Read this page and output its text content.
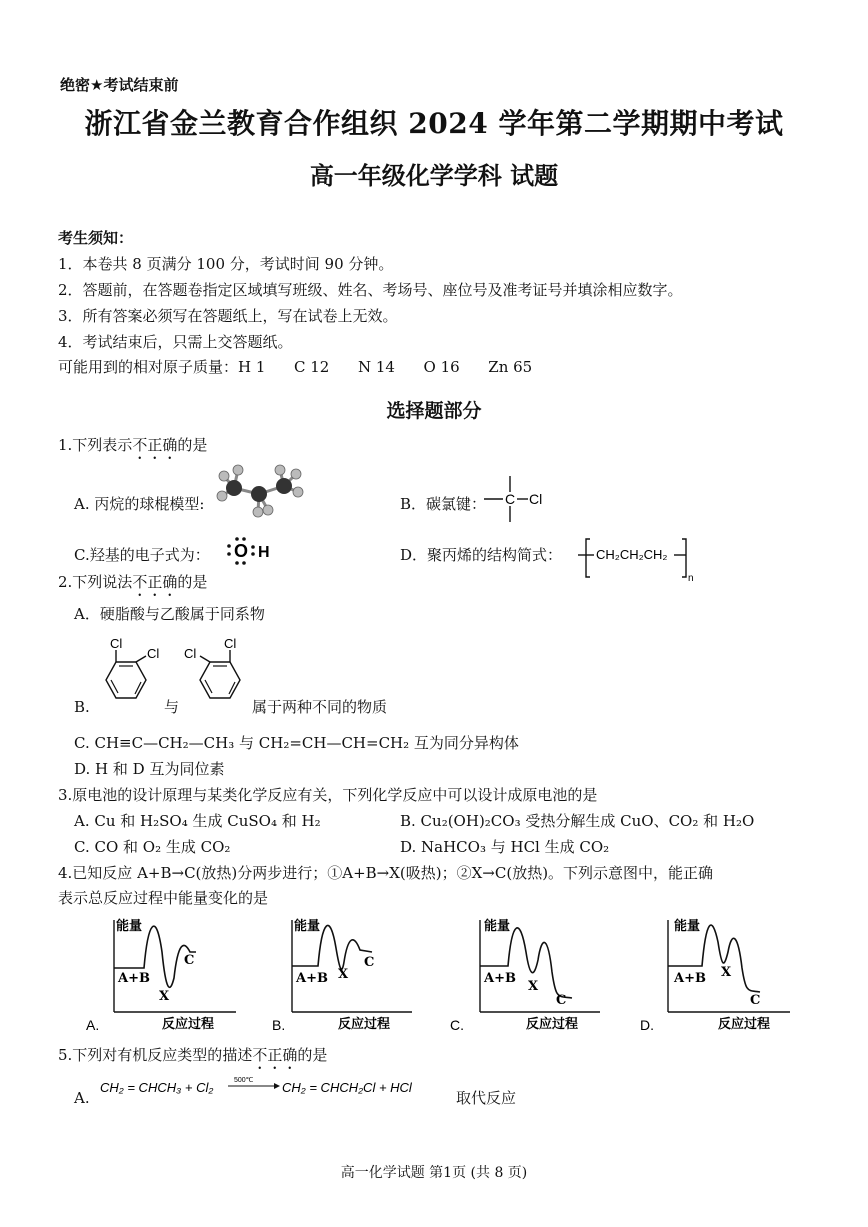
绝密★考试结束前
浙江省金兰教育合作组织 2024 学年第二学期期中考试
高一年级化学学科 试题
考生须知：
1．本卷共 8 页满分 100 分，考试时间 90 分钟。
2．答题前，在答题卷指定区域填写班级、姓名、考场号、座位号及准考证号并填涂相应数字。
3．所有答案必须写在答题纸上，写在试卷上无效。
4．考试结束后，只需上交答题纸。
可能用到的相对原子质量：H 1      C 12      N 14      O 16      Zn 65
选择题部分
1.下列表示不正确的是
A. 丙烷的球棍模型:	B．碳氯键： C Cl
C.羟基的电子式为： O H	D．聚丙烯的结构简式：	CH₂CH₂CH₂
n
2.下列说法不正确的是
A．硬脂酸与乙酸属于同系物
B.
Cl
Cl
与
Cl
Cl
属于两种不同的物质
C. CH≡C—CH₂—CH₃ 与 CH₂=CH—CH=CH₂ 互为同分异构体
D. H 和 D 互为同位素
3.原电池的设计原理与某类化学反应有关，下列化学反应中可以设计成原电池的是
A. Cu 和 H₂SO₄ 生成 CuSO₄ 和 H₂	B. Cu₂(OH)₂CO₃ 受热分解生成 CuO、CO₂ 和 H₂O
C. CO 和 O₂ 生成 CO₂	D. NaHCO₃ 与 HCl 生成 CO₂
4.已知反应 A+B→C(放热)分两步进行；①A+B→X(吸热)；②X→C(放热)。下列示意图中，能正确
表示总反应过程中能量变化的是
能量
A+B
X
C
反应过程
A.
能量
A+B X
C
反应过程
B.
能量
A+B
X
C
反应过程
C.
能量
A+B X
C
反应过程
D.
5.下列对有机反应类型的描述不正确的是
A.
CH₂ = CHCH₃ + Cl₂	500℃ CH₂ = CHCH₂Cl + HCl
取代反应
高一化学试题 第1页 (共 8 页)
